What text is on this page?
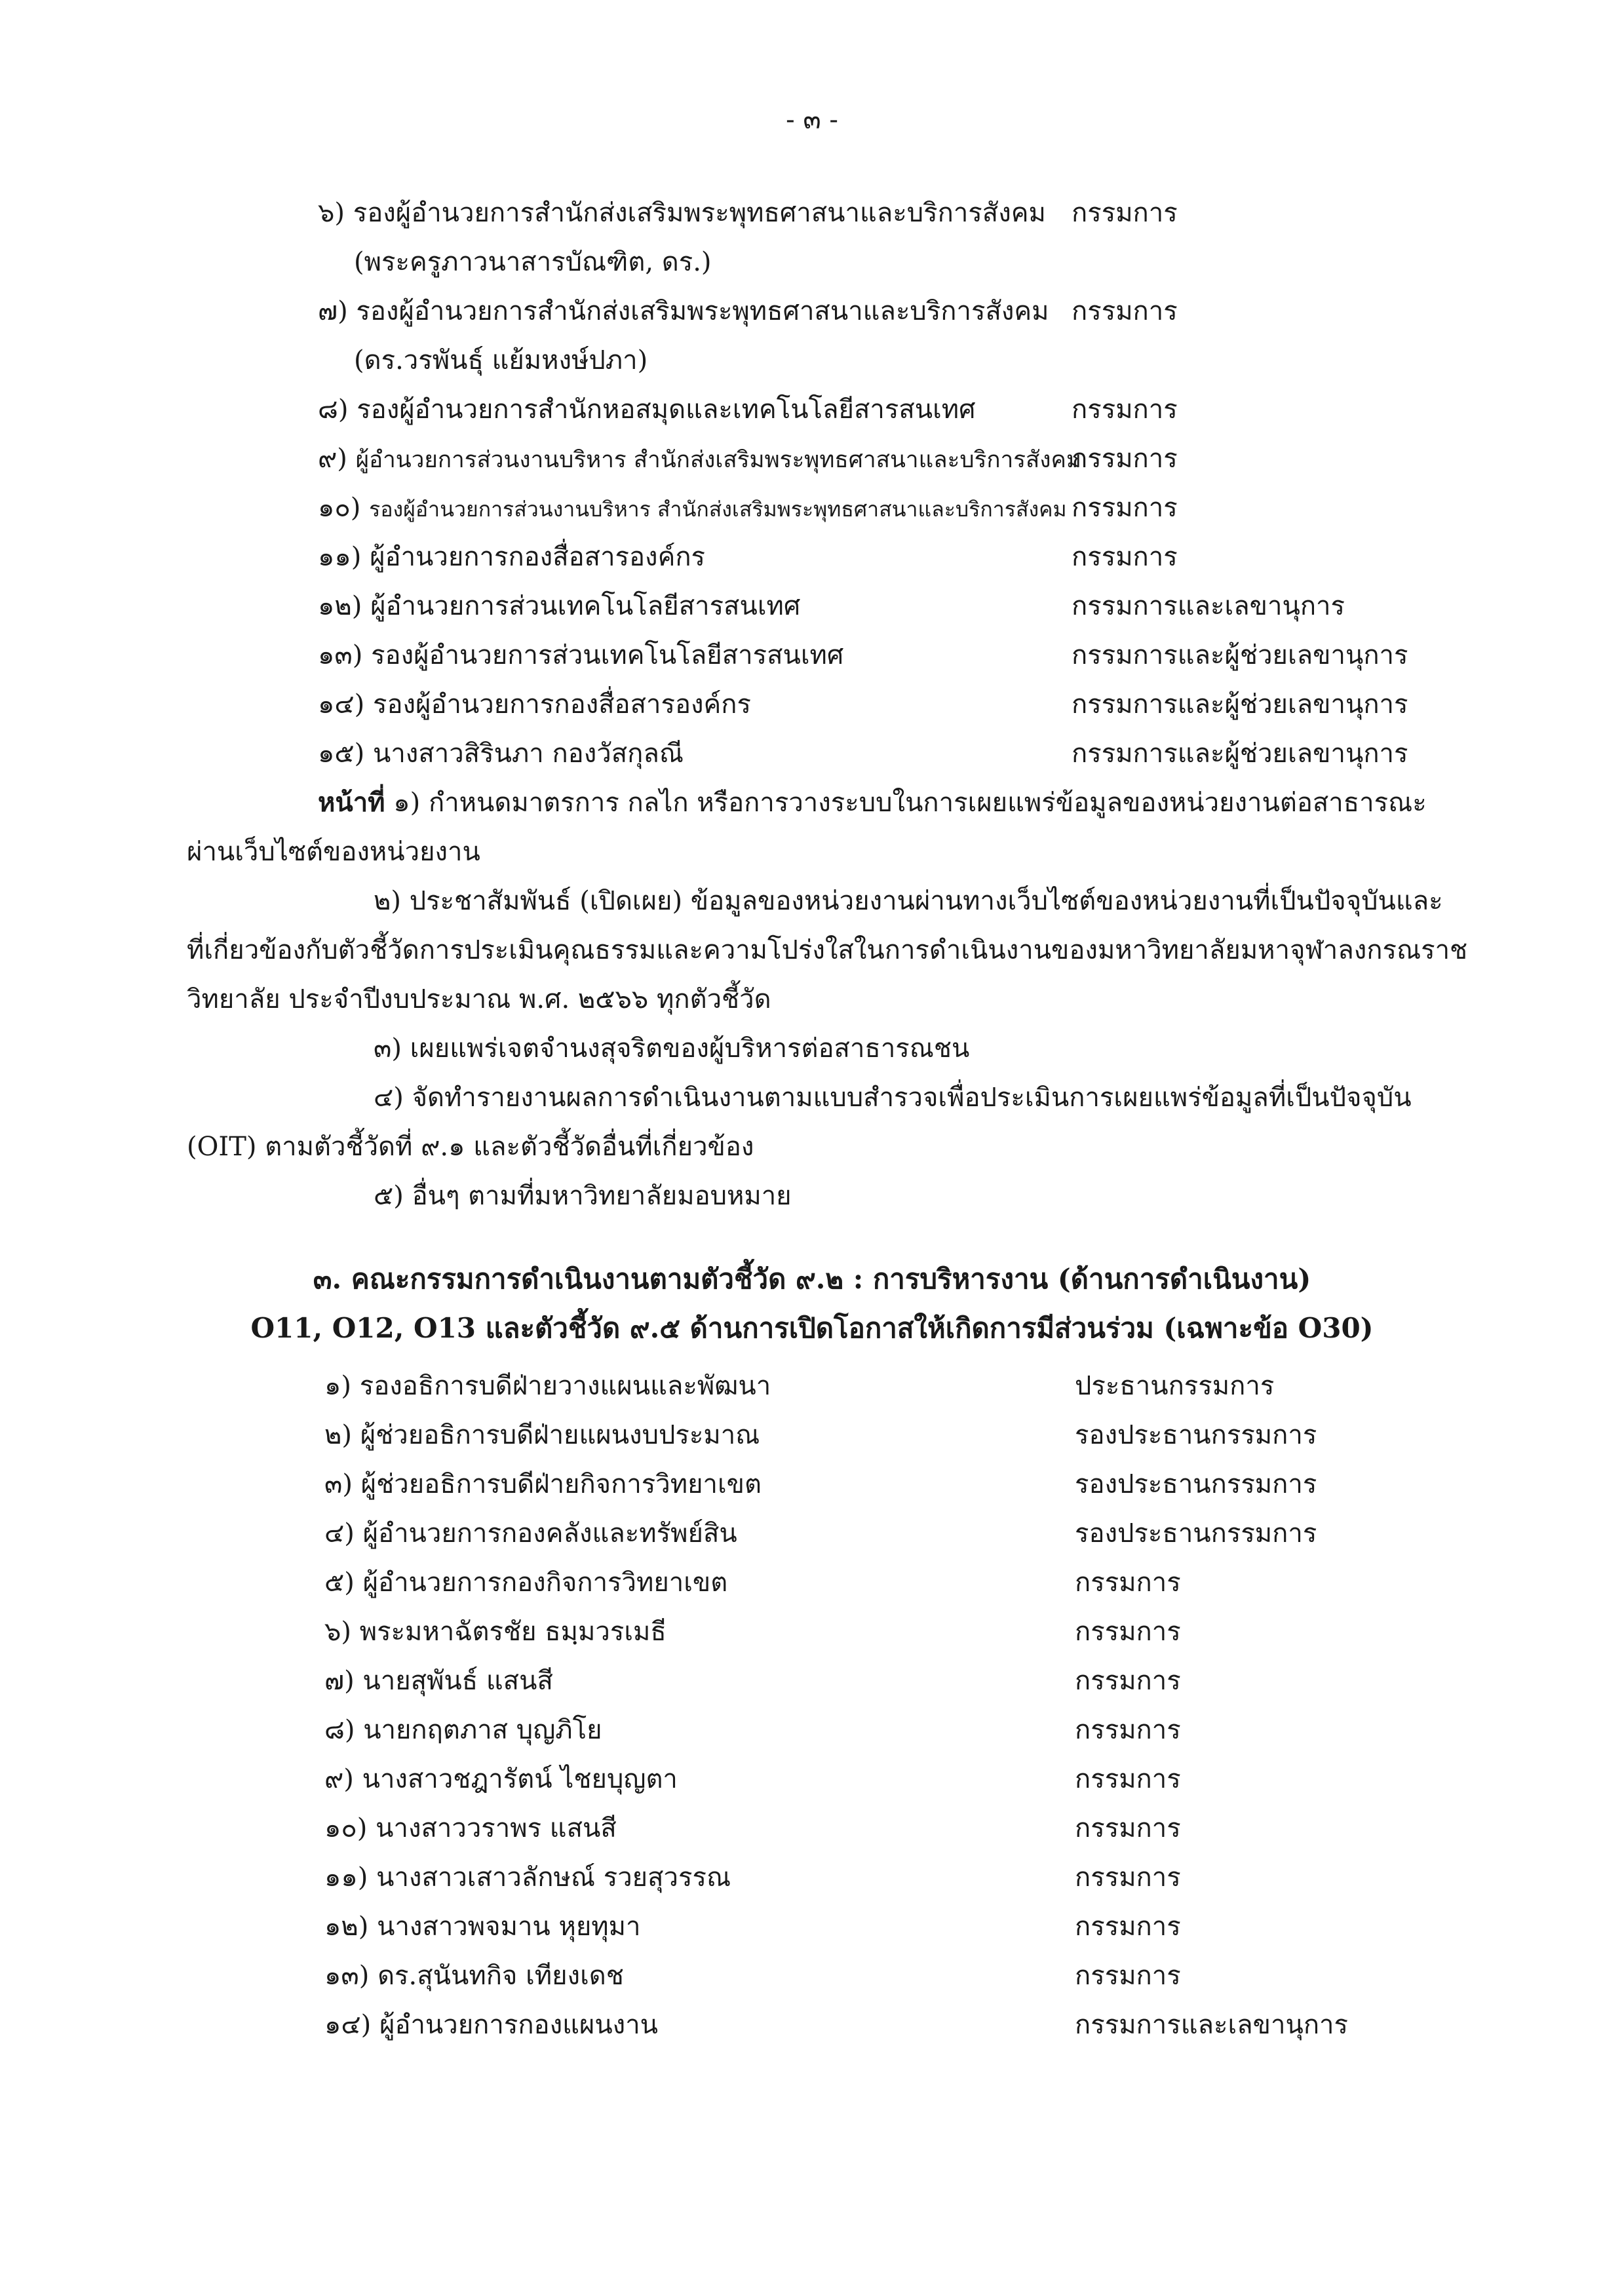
- ๓ -
๖) รองผู้อำนวยการสำนักส่งเสริมพระพุทธศาสนาและบริการสังคม กรรมการ
(พระครูภาวนาสารบัณฑิต, ดร.)
๗) รองผู้อำนวยการสำนักส่งเสริมพระพุทธศาสนาและบริการสังคม กรรมการ
(ดร.วรพันธุ์ แย้มหงษ์ปภา)
๘) รองผู้อำนวยการสำนักหอสมุดและเทคโนโลยีสารสนเทศ	กรรมการ
๙) ผู้อำนวยการส่วนงานบริหาร สำนักส่งเสริมพระพุทธศาสนาและบริการสังคม
กรรมการ
๑๐) รองผู้อำนวยการส่วนงานบริหาร สำนักส่งเสริมพระพุทธศาสนาและบริการสังคม กรรมการ
๑๑) ผู้อำนวยการกองสื่อสารองค์กร	กรรมการ
๑๒) ผู้อำนวยการส่วนเทคโนโลยีสารสนเทศ	กรรมการและเลขานุการ
๑๓) รองผู้อำนวยการส่วนเทคโนโลยีสารสนเทศ	กรรมการและผู้ช่วยเลขานุการ
๑๔) รองผู้อำนวยการกองสื่อสารองค์กร	กรรมการและผู้ช่วยเลขานุการ
๑๕) นางสาวสิรินภา กองวัสกุลณี	กรรมการและผู้ช่วยเลขานุการ
หน้าที่ ๑) กำหนดมาตรการ กลไก หรือการวางระบบในการเผยแพร่ข้อมูลของหน่วยงานต่อสาธารณะ
ผ่านเว็บไซต์ของหน่วยงาน
๒) ประชาสัมพันธ์ (เปิดเผย) ข้อมูลของหน่วยงานผ่านทางเว็บไซต์ของหน่วยงานที่เป็นปัจจุบันและ
ที่เกี่ยวข้องกับตัวชี้วัดการประเมินคุณธรรมและความโปร่งใสในการดำเนินงานของมหาวิทยาลัยมหาจุฬาลงกรณราช
วิทยาลัย ประจำปีงบประมาณ พ.ศ. ๒๕๖๖ ทุกตัวชี้วัด
๓) เผยแพร่เจตจำนงสุจริตของผู้บริหารต่อสาธารณชน
๔) จัดทำรายงานผลการดำเนินงานตามแบบสำรวจเพื่อประเมินการเผยแพร่ข้อมูลที่เป็นปัจจุบัน
(OIT) ตามตัวชี้วัดที่ ๙.๑ และตัวชี้วัดอื่นที่เกี่ยวข้อง
๕) อื่นๆ ตามที่มหาวิทยาลัยมอบหมาย
๓. คณะกรรมการดำเนินงานตามตัวชี้วัด ๙.๒ : การบริหารงาน (ด้านการดำเนินงาน)
O11, O12, O13 และตัวชี้วัด ๙.๕ ด้านการเปิดโอกาสให้เกิดการมีส่วนร่วม (เฉพาะข้อ O30)
๑) รองอธิการบดีฝ่ายวางแผนและพัฒนา	ประธานกรรมการ
๒) ผู้ช่วยอธิการบดีฝ่ายแผนงบประมาณ	รองประธานกรรมการ
๓) ผู้ช่วยอธิการบดีฝ่ายกิจการวิทยาเขต	รองประธานกรรมการ
๔) ผู้อำนวยการกองคลังและทรัพย์สิน	รองประธานกรรมการ
๕) ผู้อำนวยการกองกิจการวิทยาเขต	กรรมการ
๖) พระมหาฉัตรชัย ธมฺมวรเมธี	กรรมการ
๗) นายสุพันธ์ แสนสี	กรรมการ
๘) นายกฤตภาส บุญภิโย	กรรมการ
๙) นางสาวชฎารัตน์ ไชยบุญตา	กรรมการ
๑๐) นางสาววราพร แสนสี	กรรมการ
๑๑) นางสาวเสาวลักษณ์ รวยสุวรรณ	กรรมการ
๑๒) นางสาวพจมาน หุยทุมา	กรรมการ
๑๓) ดร.สุนันทกิจ เทียงเดช	กรรมการ
๑๔) ผู้อำนวยการกองแผนงาน	กรรมการและเลขานุการ
